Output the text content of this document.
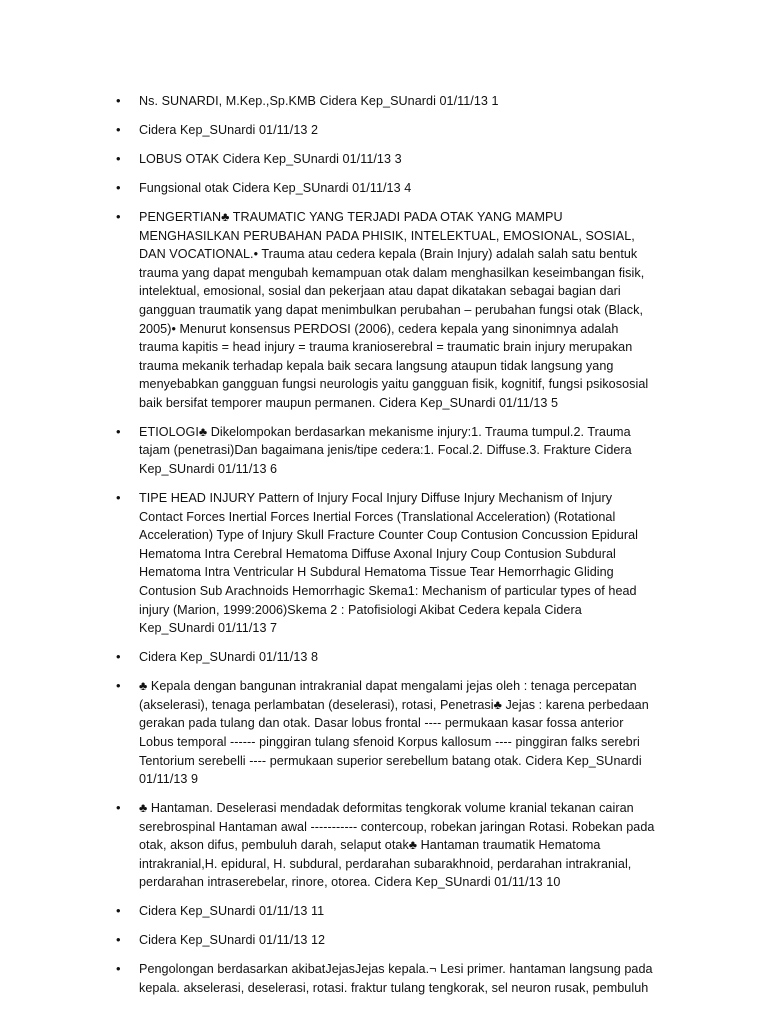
• Ns. SUNARDI, M.Kep.,Sp.KMB Cidera Kep_SUnardi 01/11/13 1
• Cidera Kep_SUnardi 01/11/13 2
• LOBUS OTAK Cidera Kep_SUnardi 01/11/13 3
• Fungsional otak Cidera Kep_SUnardi 01/11/13 4
• PENGERTIAN♣ TRAUMATIC YANG TERJADI PADA OTAK YANG MAMPU MENGHASILKAN PERUBAHAN PADA PHISIK, INTELEKTUAL, EMOSIONAL, SOSIAL, DAN VOCATIONAL.• Trauma atau cedera kepala (Brain Injury) adalah salah satu bentuk trauma yang dapat mengubah kemampuan otak dalam menghasilkan keseimbangan fisik, intelektual, emosional, sosial dan pekerjaan atau dapat dikatakan sebagai bagian dari gangguan traumatik yang dapat menimbulkan perubahan – perubahan fungsi otak (Black, 2005)• Menurut konsensus PERDOSI (2006), cedera kepala yang sinonimnya adalah trauma kapitis = head injury = trauma kranioserebral = traumatic brain injury merupakan trauma mekanik terhadap kepala baik secara langsung ataupun tidak langsung yang menyebabkan gangguan fungsi neurologis yaitu gangguan fisik, kognitif, fungsi psikososial baik bersifat temporer maupun permanen. Cidera Kep_SUnardi 01/11/13 5
• ETIOLOGI♣ Dikelompokan berdasarkan mekanisme injury:1. Trauma tumpul.2. Trauma tajam (penetrasi)Dan bagaimana jenis/tipe cedera:1. Focal.2. Diffuse.3. Frakture Cidera Kep_SUnardi 01/11/13 6
• TIPE HEAD INJURY Pattern of Injury Focal Injury Diffuse Injury Mechanism of Injury Contact Forces Inertial Forces Inertial Forces (Translational Acceleration) (Rotational Acceleration) Type of Injury Skull Fracture Counter Coup Contusion Concussion Epidural Hematoma Intra Cerebral Hematoma Diffuse Axonal Injury Coup Contusion Subdural Hematoma Intra Ventricular H Subdural Hematoma Tissue Tear Hemorrhagic Gliding Contusion Sub Arachnoids Hemorrhagic Skema1: Mechanism of particular types of head injury (Marion, 1999:2006)Skema 2 : Patofisiologi Akibat Cedera kepala Cidera Kep_SUnardi 01/11/13 7
• Cidera Kep_SUnardi 01/11/13 8
• ♣ Kepala dengan bangunan intrakranial dapat mengalami jejas oleh : tenaga percepatan (akselerasi), tenaga perlambatan (deselerasi), rotasi, Penetrasi♣ Jejas : karena perbedaan gerakan pada tulang dan otak. Dasar lobus frontal ---- permukaan kasar fossa anterior Lobus temporal ------ pinggiran tulang sfenoid Korpus kallosum ---- pinggiran falks serebri Tentorium serebelli ---- permukaan superior serebellum batang otak. Cidera Kep_SUnardi 01/11/13 9
• ♣ Hantaman. Deselerasi mendadak deformitas tengkorak volume kranial tekanan cairan serebrospinal Hantaman awal ----------- contercoup, robekan jaringan Rotasi. Robekan pada otak, akson difus, pembuluh darah, selaput otak♣ Hantaman traumatik Hematoma intrakranial,H. epidural, H. subdural, perdarahan subarakhnoid, perdarahan intrakranial, perdarahan intraserebelar, rinore, otorea. Cidera Kep_SUnardi 01/11/13 10
• Cidera Kep_SUnardi 01/11/13 11
• Cidera Kep_SUnardi 01/11/13 12
• Pengolongan berdasarkan akibatJejasJejas kepala.¬ Lesi primer. hantaman langsung pada kepala. akselerasi, deselerasi, rotasi. fraktur tulang tengkorak, sel neuron rusak, pembuluh
